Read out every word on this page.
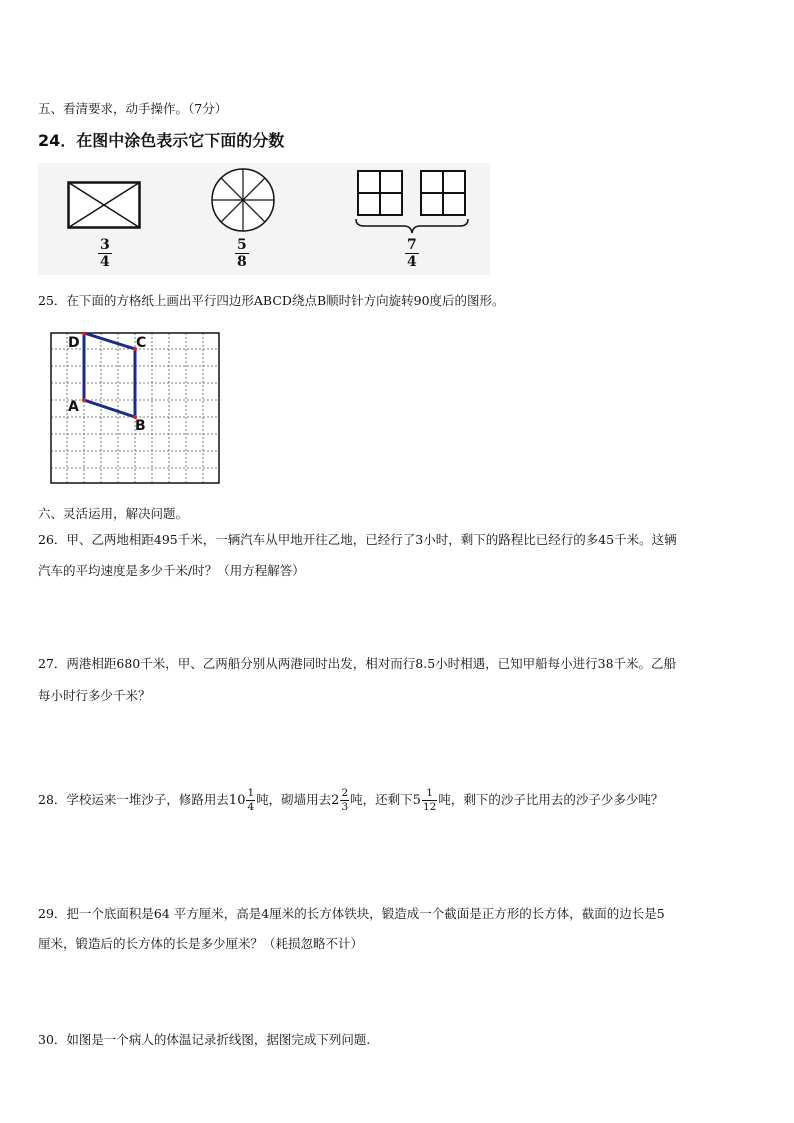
五、看清要求，动手操作。（7分）
24．在图中涂色表示它下面的分数
$\frac{3}{4}$	$\frac{5}{8}$	$\frac{7}{4}$
25．在下面的方格纸上画出平行四边形ABCD绕点B顺时针方向旋转90度后的图形。
D	C
A
B
六、灵活运用，解决问题。
26．甲、乙两地相距495千米，一辆汽车从甲地开往乙地，已经行了3小时，剩下的路程比已经行的多45千米。这辆
汽车的平均速度是多少千米/时？（用方程解答）
27．两港相距680千米，甲、乙两船分别从两港同时出发，相对而行8.5小时相遇，已知甲船每小进行38千米。乙船
每小时行多少千米？
28．学校运来一堆沙子，修路用去$10 \frac{1}{4}$ 吨，砌墙用去$2 \frac{2}{3}$ 吨，还剩下$5 \frac{1}{12}$ 吨，剩下的沙子比用去的沙子少多少吨？
29．把一个底面积是64 平方厘米，高是4厘米的长方体铁块，锻造成一个截面是正方形的长方体，截面的边长是5
厘米，锻造后的长方体的长是多少厘米？（耗损忽略不计）
30．如图是一个病人的体温记录折线图，据图完成下列问题.
